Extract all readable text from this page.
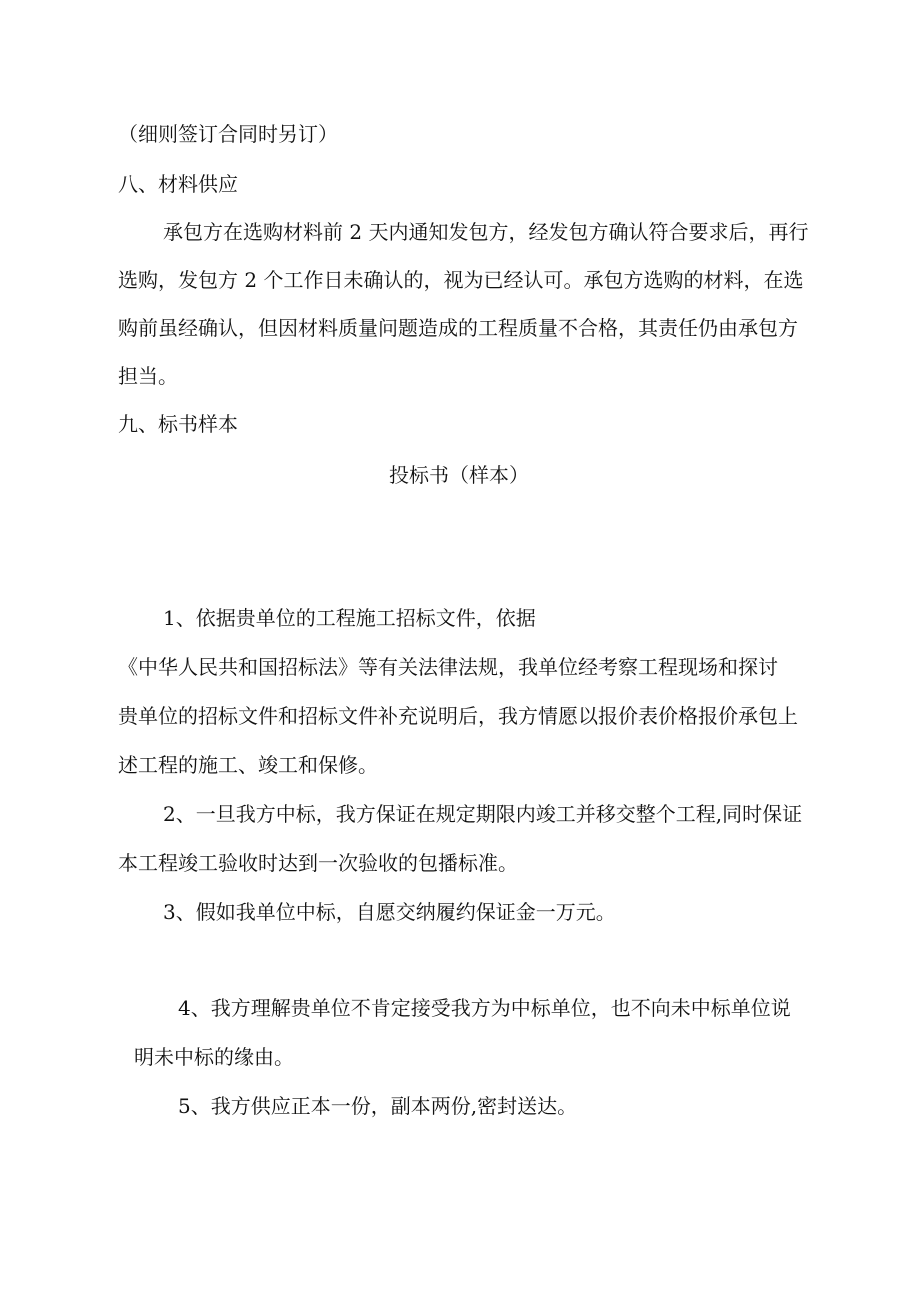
（细则签订合同时另订）
八、材料供应
承包方在选购材料前 2 天内通知发包方，经发包方确认符合要求后，再行
选购，发包方 2 个工作日未确认的，视为已经认可。承包方选购的材料，在选
购前虽经确认，但因材料质量问题造成的工程质量不合格，其责任仍由承包方
担当。
九、标书样本
投标书（样本）
1、依据贵单位的工程施工招标文件，依据
《中华人民共和国招标法》等有关法律法规，我单位经考察工程现场和探讨
贵单位的招标文件和招标文件补充说明后，我方情愿以报价表价格报价承包上
述工程的施工、竣工和保修。
2、一旦我方中标，我方保证在规定期限内竣工并移交整个工程,同时保证
本工程竣工验收时达到一次验收的包播标准。
3、假如我单位中标，自愿交纳履约保证金一万元。
4、我方理解贵单位不肯定接受我方为中标单位，也不向未中标单位说
明未中标的缘由。
5、我方供应正本一份，副本两份,密封送达。
